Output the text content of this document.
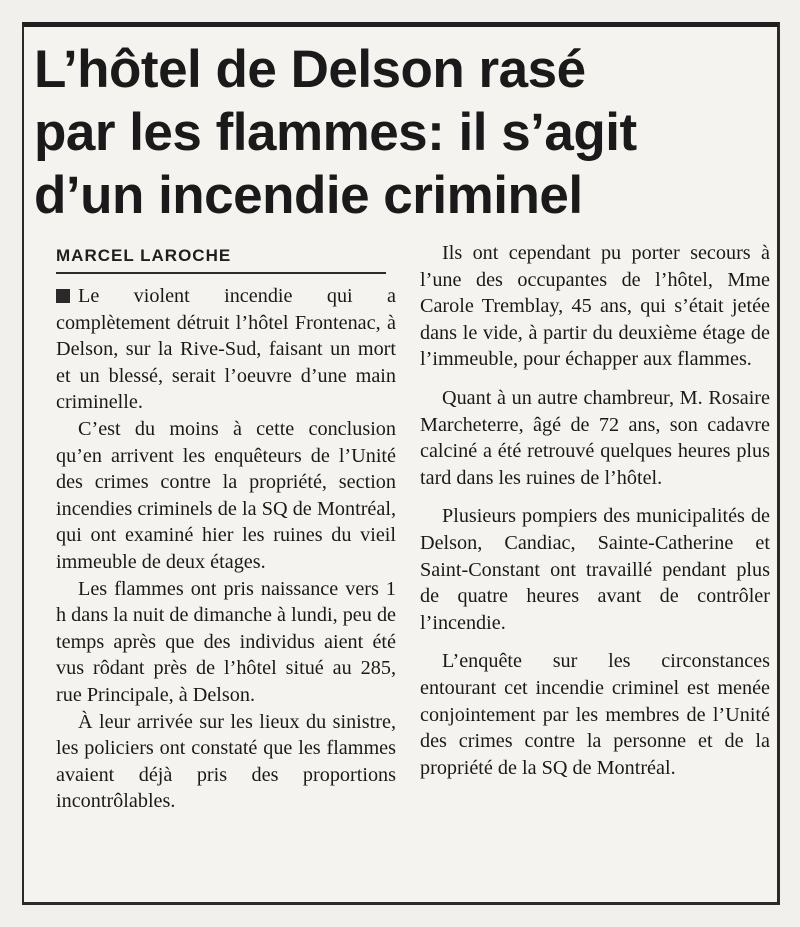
L’hôtel de Delson rasé
par les flammes: il s’agit
d’un incendie criminel
MARCEL LAROCHE

Le violent incendie qui a complètement détruit l’hôtel Frontenac, à Delson, sur la Rive-Sud, faisant un mort et un blessé, serait l’oeuvre d’une main criminelle.

C’est du moins à cette conclusion qu’en arrivent les enquêteurs de l’Unité des crimes contre la propriété, section incendies criminels de la SQ de Montréal, qui ont examiné hier les ruines du vieil immeuble de deux étages.

Les flammes ont pris naissance vers 1 h dans la nuit de dimanche à lundi, peu de temps après que des individus aient été vus rôdant près de l’hôtel situé au 285, rue Principale, à Delson.

À leur arrivée sur les lieux du sinistre, les policiers ont constaté que les flammes avaient déjà pris des proportions incontrôlables.

Ils ont cependant pu porter secours à l’une des occupantes de l’hôtel, Mme Carole Tremblay, 45 ans, qui s’était jetée dans le vide, à partir du deuxième étage de l’immeuble, pour échapper aux flammes.

Quant à un autre chambreur, M. Rosaire Marcheterre, âgé de 72 ans, son cadavre calciné a été retrouvé quelques heures plus tard dans les ruines de l’hôtel.

Plusieurs pompiers des municipalités de Delson, Candiac, Sainte-Catherine et Saint-Constant ont travaillé pendant plus de quatre heures avant de contrôler l’incendie.

L’enquête sur les circonstances entourant cet incendie criminel est menée conjointement par les membres de l’Unité des crimes contre la personne et de la propriété de la SQ de Montréal.
